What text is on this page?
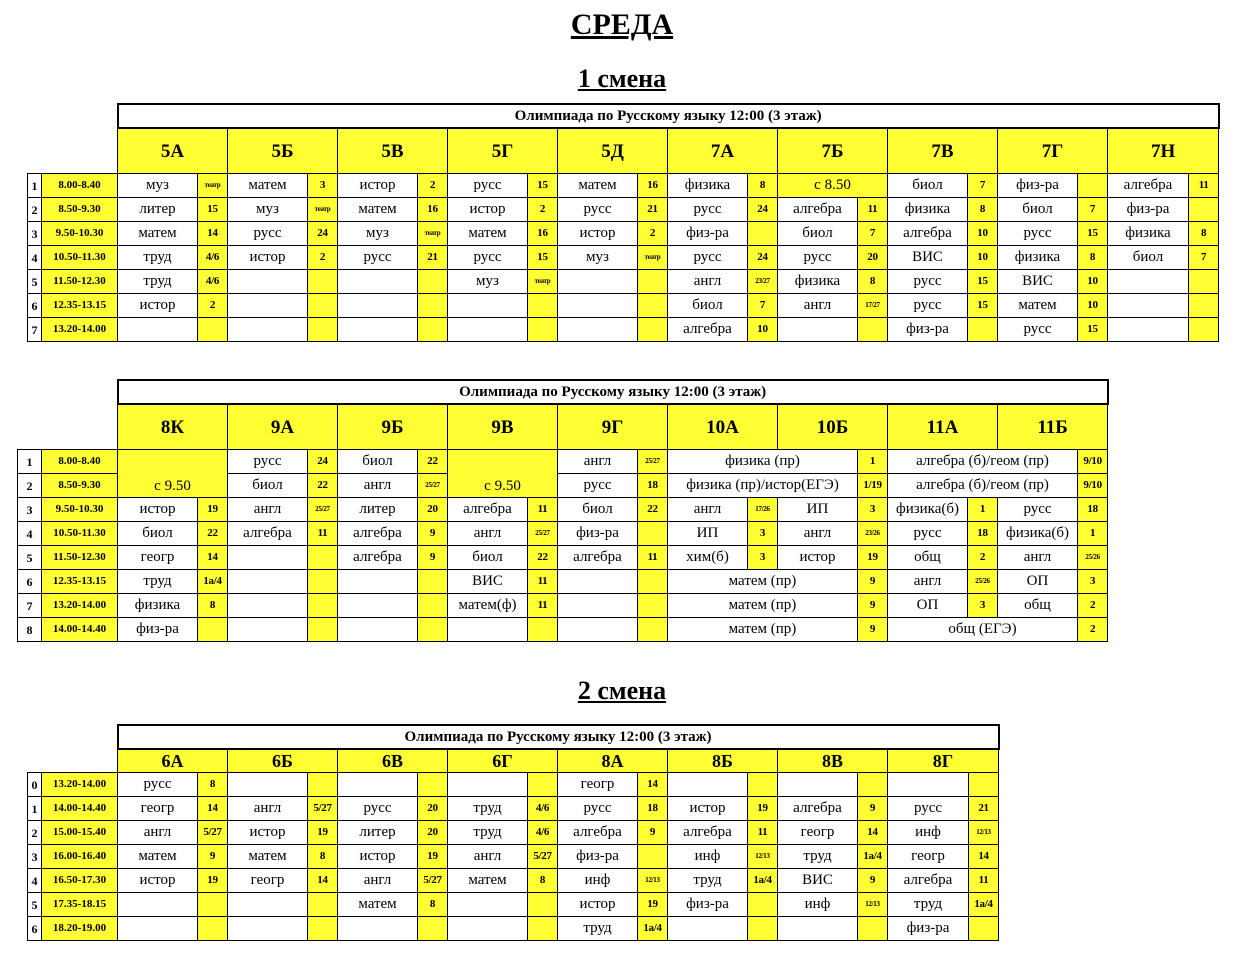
СРЕДА
1 смена
2 смена
		Олимпиада по Русскому языку 12:00 (3 этаж)																			
		5А		5Б		5В		5Г		5Д		7А		7Б		7В		7Г		7Н	
1	8.00-8.40	муз	театр	матем	3	истор	2	русс	15	матем	16	физика	8	с 8.50		биол	7	физ-ра		алгебра	11
2	8.50-9.30	литер	15	муз	театр	матем	16	истор	2	русс	21	русс	24	алгебра	11	физика	8	биол	7	физ-ра	
3	9.50-10.30	матем	14	русс	24	муз	театр	матем	16	истор	2	физ-ра		биол	7	алгебра	10	русс	15	физика	8
4	10.50-11.30	труд	4/6	истор	2	русс	21	русс	15	муз	театр	русс	24	русс	20	ВИС	10	физика	8	биол	7
5	11.50-12.30	труд	4/6					муз	театр			англ	23/27	физика	8	русс	15	ВИС	10		
6	12.35-13.15	истор	2									биол	7	англ	17/27	русс	15	матем	10		
7	13.20-14.00											алгебра	10			физ-ра		русс	15		
		Олимпиада по Русскому языку 12:00 (3 этаж)																	
		8К		9А		9Б		9В		9Г		10А		10Б		11А		11Б	
1	8.00-8.40	с 9.50		русс	24	биол	22	с 9.50		англ	25/27	физика (пр)			1	алгебра (б)/геом (пр)			9/10
2	8.50-9.30			биол	22	англ	25/27			русс	18	физика (пр)/истор(ЕГЭ)			1/19	алгебра (б)/геом (пр)			9/10
3	9.50-10.30	истор	19	англ	25/27	литер	20	алгебра	11	биол	22	англ	17/26	ИП	3	физика(б)	1	русс	18
4	10.50-11.30	биол	22	алгебра	11	алгебра	9	англ	25/27	физ-ра		ИП	3	англ	23/26	русс	18	физика(б)	1
5	11.50-12.30	геогр	14			алгебра	9	биол	22	алгебра	11	хим(б)	3	истор	19	общ	2	англ	25/26
6	12.35-13.15	труд	1а/4					ВИС	11			матем (пр)			9	англ	25/26	ОП	3
7	13.20-14.00	физика	8					матем(ф)	11			матем (пр)			9	ОП	3	общ	2
8	14.00-14.40	физ-ра										матем (пр)			9	общ (ЕГЭ)			2
		Олимпиада по Русскому языку 12:00 (3 этаж)															
		6А		6Б		6В		6Г		8А		8Б		8В		8Г	
0	13.20-14.00	русс	8							геогр	14						
1	14.00-14.40	геогр	14	англ	5/27	русс	20	труд	4/6	русс	18	истор	19	алгебра	9	русс	21
2	15.00-15.40	англ	5/27	истор	19	литер	20	труд	4/6	алгебра	9	алгебра	11	геогр	14	инф	12/13
3	16.00-16.40	матем	9	матем	8	истор	19	англ	5/27	физ-ра		инф	12/13	труд	1а/4	геогр	14
4	16.50-17.30	истор	19	геогр	14	англ	5/27	матем	8	инф	12/13	труд	1а/4	ВИС	9	алгебра	11
5	17.35-18.15					матем	8			истор	19	физ-ра		инф	12/13	труд	1а/4
6	18.20-19.00									труд	1а/4					физ-ра	
